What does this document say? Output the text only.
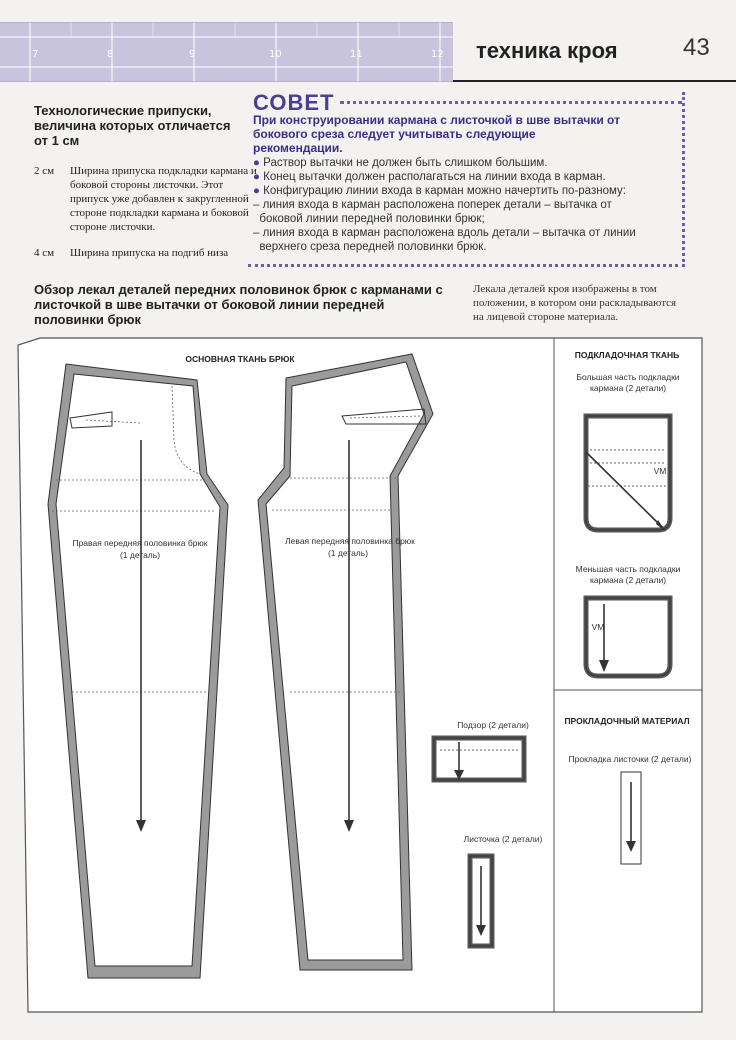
7	8	9	10	11	12 техника кроя	43
Технологические припуски, величина которых отличается от 1 см
2 см	Ширина припуска подкладки кармана и боковой стороны листочки. Этот припуск уже добавлен к закругленной стороне подкладки кармана и боковой стороне листочки.
4 см	Ширина припуска на подгиб низа
СОВЕТ
При конструировании кармана с листочкой в шве вытачки от бокового среза следует учитывать следующие рекомендации.
● Раствор вытачки не должен быть слишком большим.
● Конец вытачки должен располагаться на линии входа в карман.
● Конфигурацию линии входа в карман можно начертить по-разному:
– линия входа в карман расположена поперек детали – вытачка от
боковой линии передней половинки брюк;
– линия входа в карман расположена вдоль детали – вытачка от линии
верхнего среза передней половинки брюк.
Обзор лекал деталей передних половинок брюк с карманами с листочкой в шве вытачки от боковой линии передней половинки брюк
Лекала деталей кроя изображены в том положении, в котором они раскладываются на лицевой стороне материала.
ОСНОВНАЯ ТКАНЬ БРЮК
Правая передняя половинка брюк
(1 деталь)
Левая передняя половинка брюк
(1 деталь)
ПОДКЛАДОЧНАЯ ТКАНЬ
Большая часть подкладки кармана (2 детали)
VM
Меньшая часть подкладки кармана (2 детали)
VM
Подзор (2 детали)
Листочка (2 детали)
ПРОКЛАДОЧНЫЙ МАТЕРИАЛ
Прокладка листочки (2 детали)
